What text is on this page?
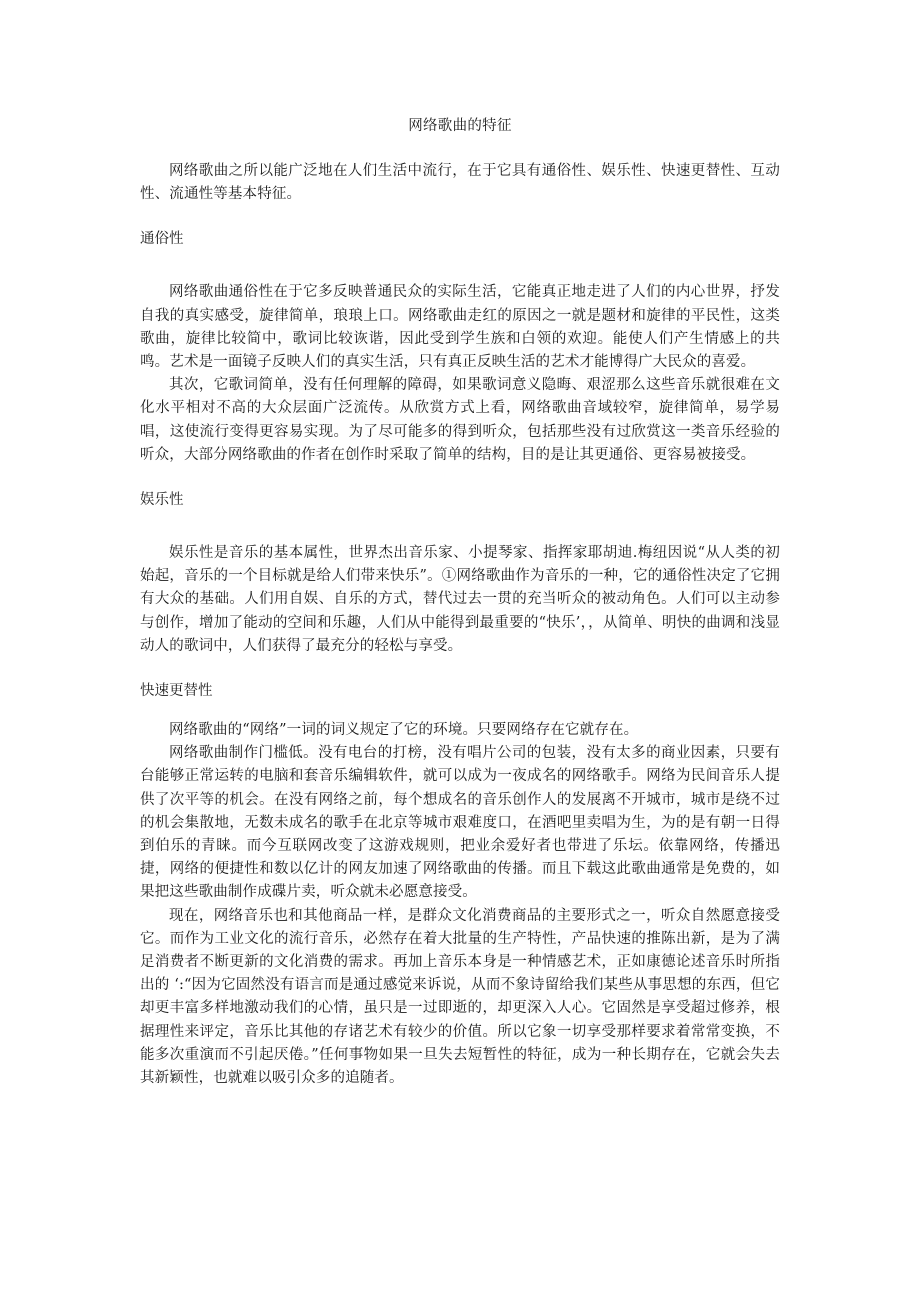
网络歌曲的特征

网络歌曲之所以能广泛地在人们生活中流行，在于它具有通俗性、娱乐性、快速更替性、互动性、流通性等基本特征。

通俗性

网络歌曲通俗性在于它多反映普通民众的实际生活，它能真正地走进了人们的内心世界，抒发自我的真实感受，旋律简单，琅琅上口。网络歌曲走红的原因之一就是题材和旋律的平民性，这类歌曲，旋律比较简中，歌词比较诙谐，因此受到学生族和白领的欢迎。能使人们产生情感上的共鸣。艺术是一面镜子反映人们的真实生活，只有真正反映生活的艺术才能博得广大民众的喜爱。

其次，它歌词简单，没有任何理解的障碍，如果歌词意义隐晦、艰涩那么这些音乐就很难在文化水平相对不高的大众层面广泛流传。从欣赏方式上看，网络歌曲音域较窄，旋律简单，易学易唱，这使流行变得更容易实现。为了尽可能多的得到听众，包括那些没有过欣赏这一类音乐经验的听众，大部分网络歌曲的作者在创作时采取了简单的结构，目的是让其更通俗、更容易被接受。

娱乐性

娱乐性是音乐的基本属性，世界杰出音乐家、小提琴家、指挥家耶胡迪.梅纽因说“从人类的初始起，音乐的一个目标就是给人们带来快乐”。①网络歌曲作为音乐的一种，它的通俗性决定了它拥有大众的基础。人们用自娱、自乐的方式，替代过去一贯的充当听众的被动角色。人们可以主动参与创作，增加了能动的空间和乐趣，人们从中能得到最重要的“快乐’，，从简单、明快的曲调和浅显动人的歌词中，人们获得了最充分的轻松与享受。

快速更替性

网络歌曲的“网络”一词的词义规定了它的环境。只要网络存在它就存在。

网络歌曲制作门槛低。没有电台的打榜，没有唱片公司的包装，没有太多的商业因素，只要有台能够正常运转的电脑和套音乐编辑软件，就可以成为一夜成名的网络歌手。网络为民间音乐人提供了次平等的机会。在没有网络之前，每个想成名的音乐创作人的发展离不开城市，城市是绕不过的机会集散地，无数未成名的歌手在北京等城市艰难度口，在酒吧里卖唱为生，为的是有朝一日得到伯乐的青睐。而今互联网改变了这游戏规则，把业余爱好者也带进了乐坛。依靠网络，传播迅捷，网络的便捷性和数以亿计的网友加速了网络歌曲的传播。而且下载这此歌曲通常是免费的，如果把这些歌曲制作成碟片卖，听众就未必愿意接受。

现在，网络音乐也和其他商品一样，是群众文化消费商品的主要形式之一，听众自然愿意接受它。而作为工业文化的流行音乐，必然存在着大批量的生产特性，产品快速的推陈出新，是为了满足消费者不断更新的文化消费的需求。再加上音乐本身是一种情感艺术，正如康德论述音乐时所指出的 ‘:“因为它固然没有语言而是通过感觉来诉说，从而不象诗留给我们某些从事思想的东西，但它却更丰富多样地激动我们的心情，虽只是一过即逝的，却更深入人心。它固然是享受超过修养，根据理性来评定，音乐比其他的存诸艺术有较少的价值。所以它象一切享受那样要求着常常变换，不能多次重演而不引起厌倦。”任何事物如果一旦失去短暂性的特征，成为一种长期存在，它就会失去其新颖性，也就难以吸引众多的追随者。
